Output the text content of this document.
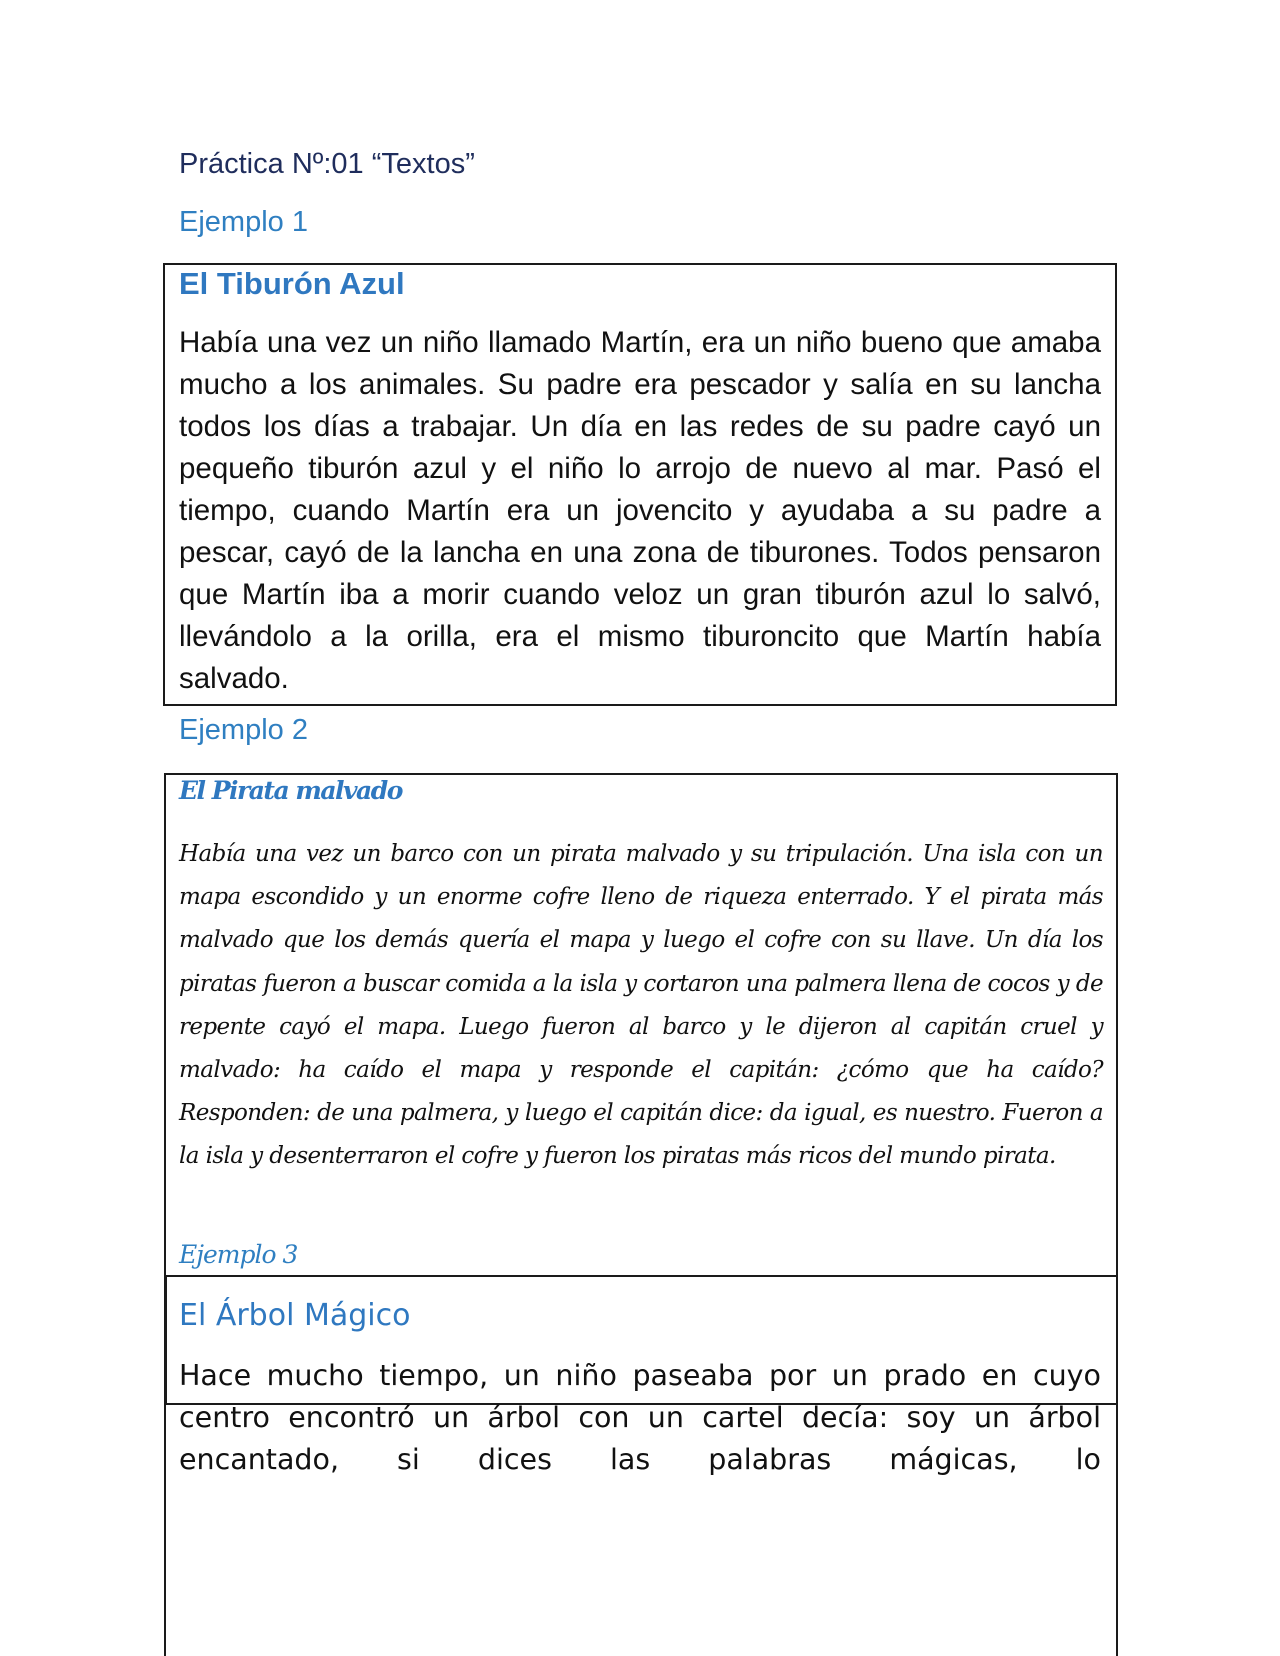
Práctica Nº:01 “Textos”
Ejemplo 1
El Tiburón Azul

Había una vez un niño llamado Martín, era un niño bueno que amaba mucho a los animales. Su padre era pescador y salía en su lancha todos los días a trabajar. Un día en las redes de su padre cayó un pequeño tiburón azul y el niño lo arrojo de nuevo al mar. Pasó el tiempo, cuando Martín era un jovencito y ayudaba a su padre a pescar, cayó de la lancha en una zona de tiburones. Todos pensaron que Martín iba a morir cuando veloz un gran tiburón azul lo salvó, llevándolo a la orilla, era el mismo tiburoncito que Martín había salvado.

Ejemplo 2
El Pirata malvado

Había una vez un barco con un pirata malvado y su tripulación. Una isla con un mapa escondido y un enorme cofre lleno de riqueza enterrado. Y el pirata más malvado que los demás quería el mapa y luego el cofre con su llave. Un día los piratas fueron a buscar comida a la isla y cortaron una palmera llena de cocos y de repente cayó el mapa. Luego fueron al barco y le dijeron al capitán cruel y malvado: ha caído el mapa y responde el capitán: ¿cómo que ha caído? Responden: de una palmera, y luego el capitán dice: da igual, es nuestro. Fueron a la isla y desenterraron el cofre y fueron los piratas más ricos del mundo pirata.

Ejemplo 3
El Árbol Mágico

Hace mucho tiempo, un niño paseaba por un prado en cuyo centro encontró un árbol con un cartel decía: soy un árbol encantado, si dices las palabras mágicas, lo
